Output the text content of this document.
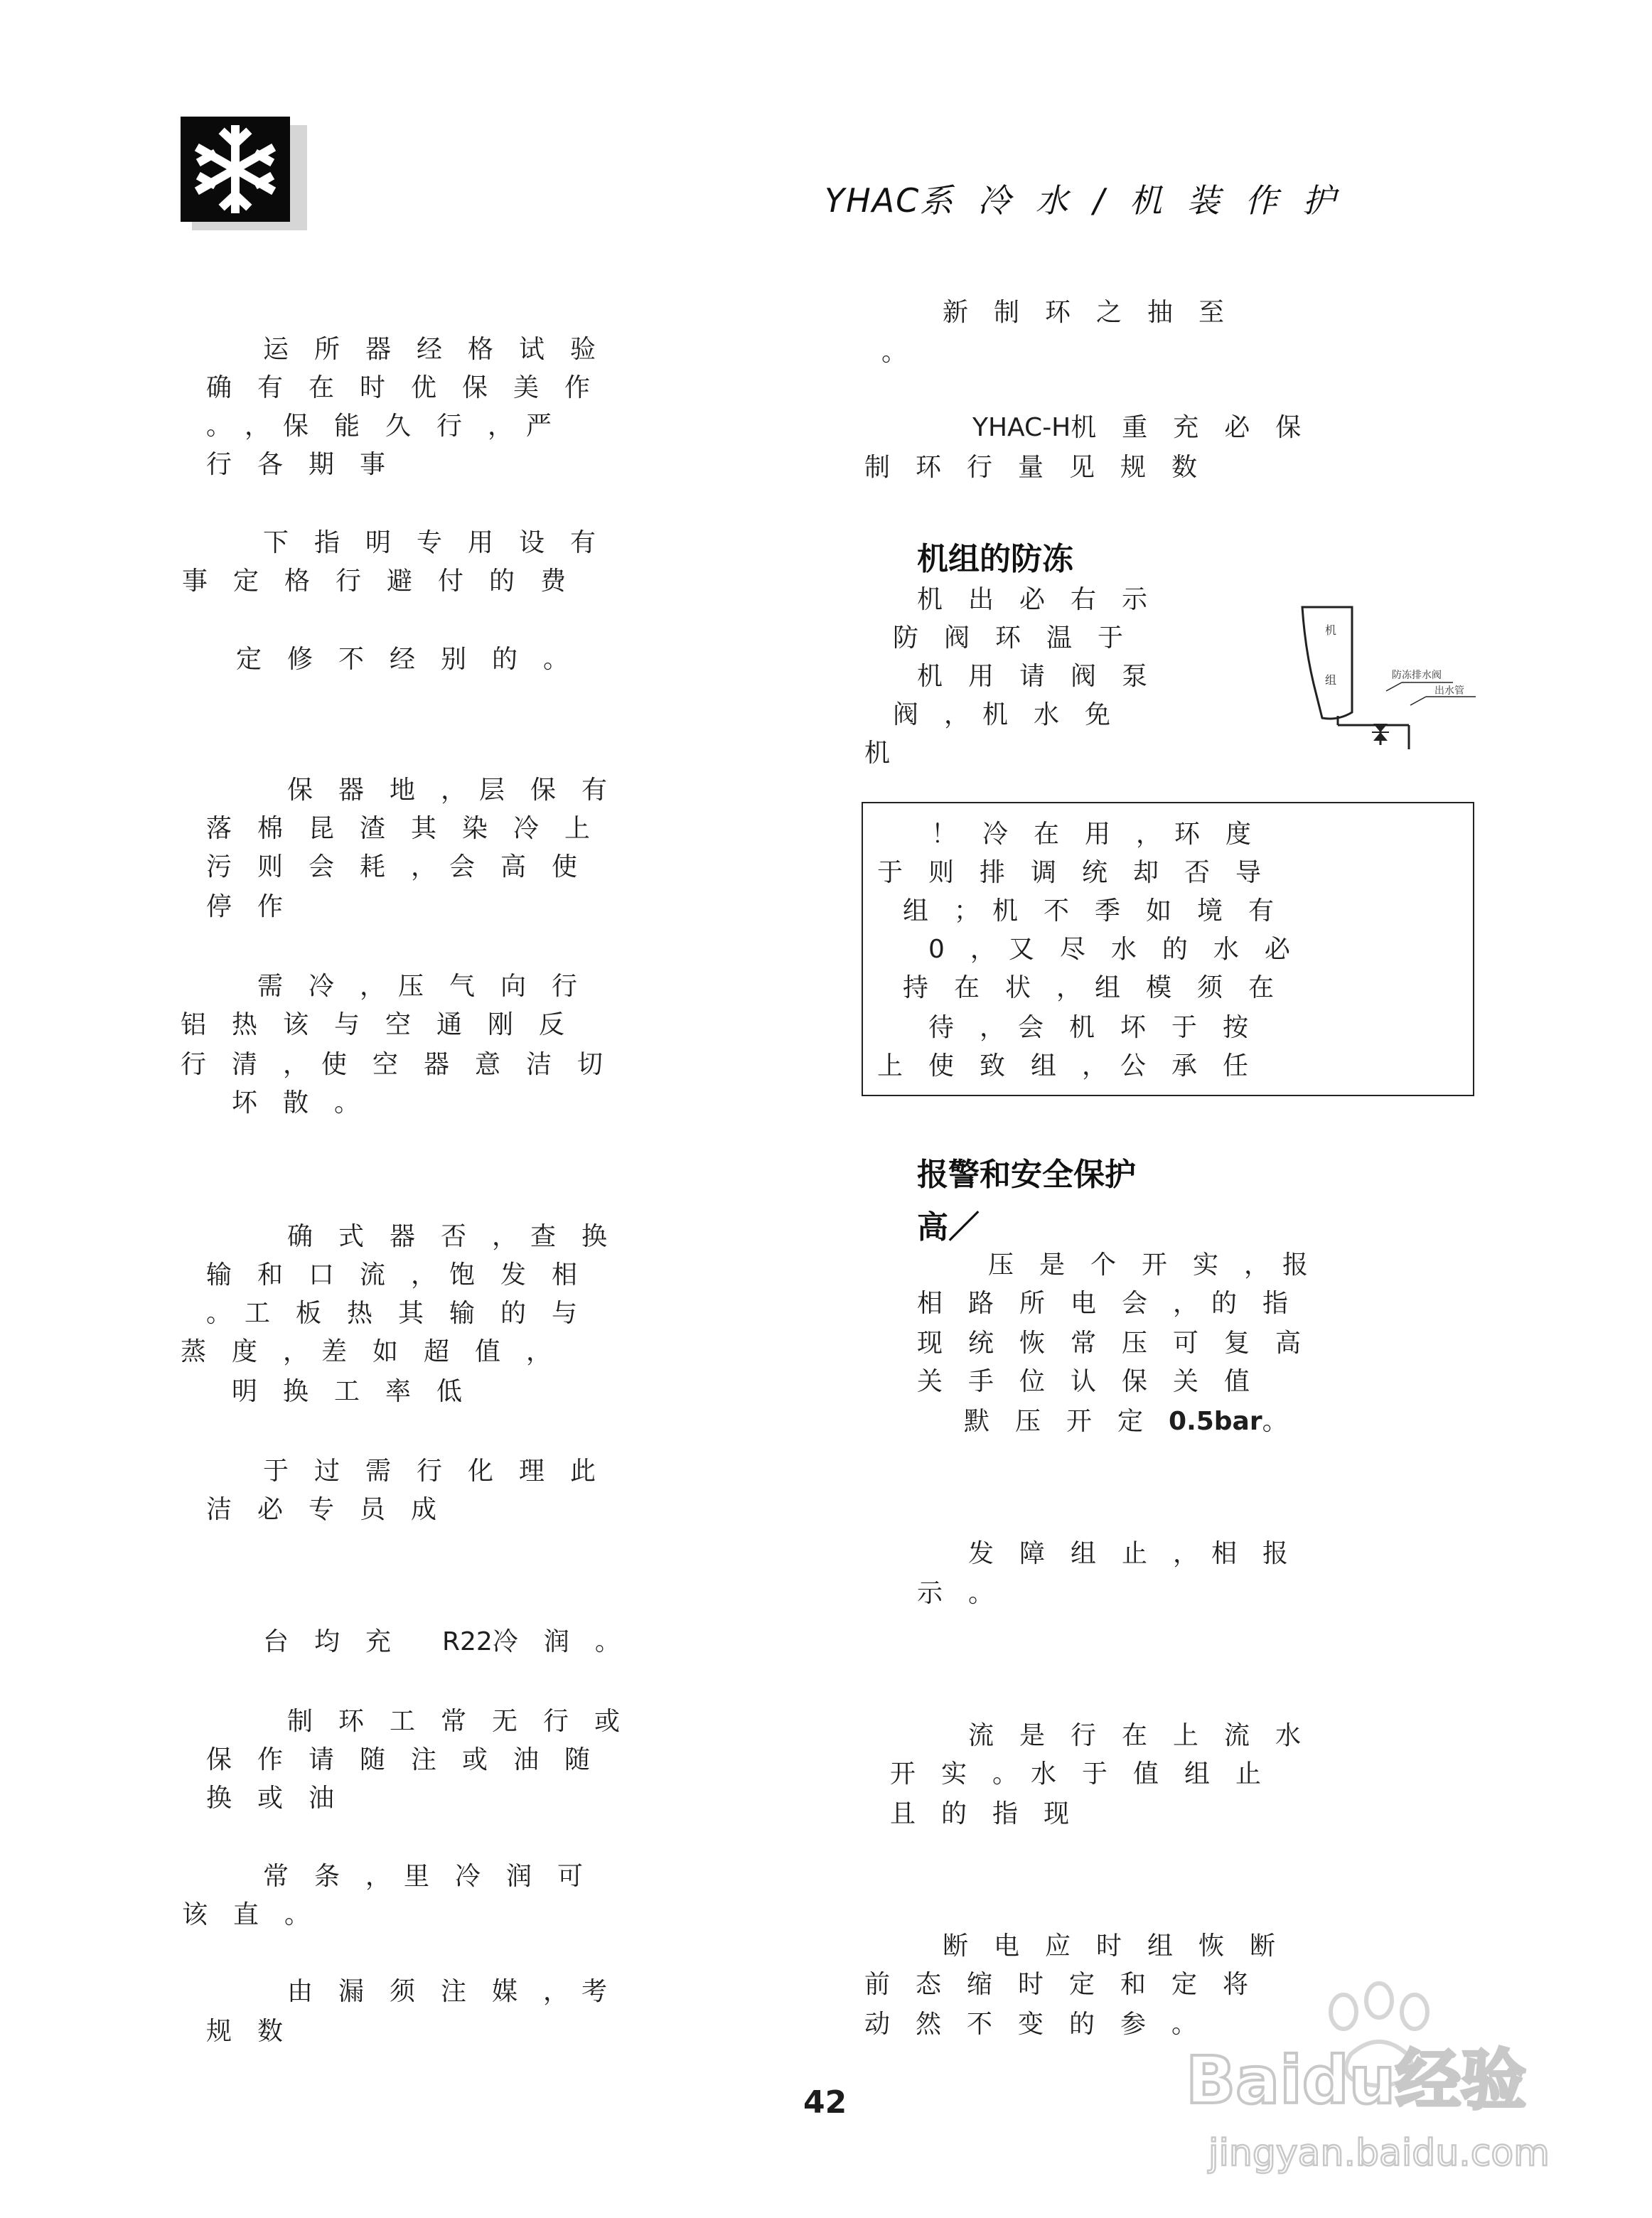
YHAC系  冷  水  /  机  装  作  护
运　所　器　经　格　试　验
确　有　在　时　优　保　美　作
。　，　保　能　久　行　，　严
行　各　期　事
下　指　明　专　用　设　有
事　定　格　行　避　付　的　费
定　修　不　经　别　的　。
保　器　地　，　层　保　有
落　棉　昆　渣　其　染　冷　上
污　则　会　耗　，　会　高　使
停　作
需　冷　，　压　气　向　行
铝　热　该　与　空　通　刚　反
行　清　，　使　空　器　意　洁　切
坏　散　。
确　式　器　否　，　查　换
输　和　口　流　，　饱　发　相
。　工　板　热　其　输　的　与
蒸　度　，　差　如　超　值　，
明　换　工　率　低
于　过　需　行　化　理　此
洁　必　专　员　成
台　均　充　　R22冷　润　。
制　环　工　常　无　行　或
保　作　请　随　注　或　油　随
换　或　油
常　条　，　里　冷　润　可
该　直　。
由　漏　须　注　媒　，　考
规　数
新　制　环　之　抽　至
。
YHAC-H机　重　充　必　保
制　环　行　量　见　规　数
机组的防冻
机　出　必　右　示
防　阀　环　温　于
机　用　请　阀　泵
阀　，　机　水　免
机
机
组	防冻排水阀
出水管
！　冷　在　用　，　环　度
于　则　排　调　统　却　否　导
组　；　机　不　季　如　境　有
0　，　又　尽　水　的　水　必
持　在　状　，　组　模　须　在
待　，　会　机　坏　于　按
上　使　致　组　，　公　承　任
报警和安全保护
高／
压　是　个　开　实　，　报
相　路　所　电　会　，　的　指
现　统　恢　常　压　可　复　高
关　手　位　认　保　关　值
默　压　开　定　0.5bar。
发　障　组　止　，　相　报
示　。
流　是　行　在　上　流　水
开　实　。　水　于　值　组　止
且　的　指　现
断　电　应　时　组　恢　断
前　态　缩　时　定　和　定　将
动　然　不　变　的　参　。
42	Baidu经验
jingyan.baidu.com
